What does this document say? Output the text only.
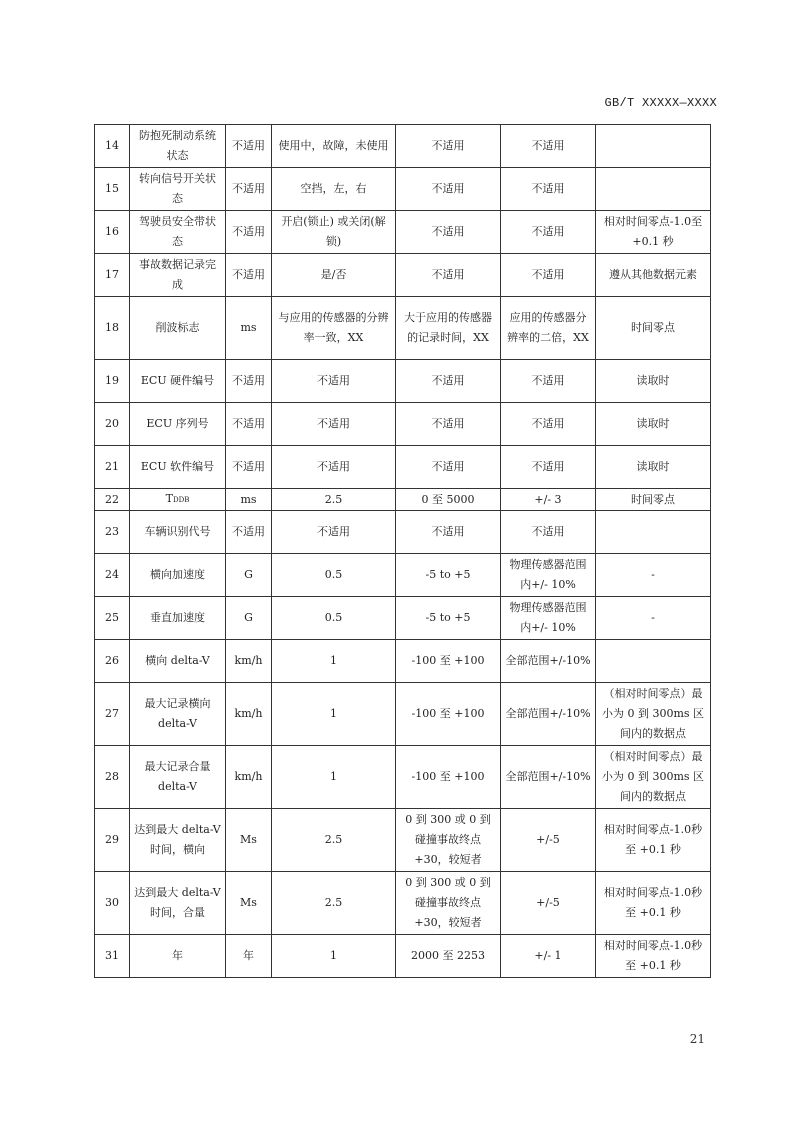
GB/T XXXXX—XXXX
14	防抱死制动系统状态	不适用	使用中，故障，未使用	不适用	不适用	
15	转向信号开关状态	不适用	空挡，左，右	不适用	不适用	
16	驾驶员安全带状态	不适用	开启(锁止) 或关闭(解锁)	不适用	不适用	相对时间零点-1.0至+0.1 秒
17	事故数据记录完成	不适用	是/否	不适用	不适用	遵从其他数据元素
18	削波标志	ms	与应用的传感器的分辨率一致，XX	大于应用的传感器的记录时间，XX	应用的传感器分辨率的二倍，XX	时间零点
19	ECU 硬件编号	不适用	不适用	不适用	不适用	读取时
20	ECU 序列号	不适用	不适用	不适用	不适用	读取时
21	ECU 软件编号	不适用	不适用	不适用	不适用	读取时
22	TDDB	ms	2.5	0 至 5000	+/- 3	时间零点
23	车辆识别代号	不适用	不适用	不适用	不适用	
24	横向加速度	G	0.5	-5 to +5	物理传感器范围内+/- 10%	-
25	垂直加速度	G	0.5	-5 to +5	物理传感器范围内+/- 10%	-
26	横向 delta-V	km/h	1	-100 至 +100	全部范围+/-10%	
27	最大记录横向 delta-V	km/h	1	-100 至 +100	全部范围+/-10%	（相对时间零点）最小为 0 到 300ms 区间内的数据点
28	最大记录合量 delta-V	km/h	1	-100 至 +100	全部范围+/-10%	（相对时间零点）最小为 0 到 300ms 区间内的数据点
29	达到最大 delta-V 时间，横向	Ms	2.5	0 到 300 或 0 到碰撞事故终点+30，较短者	+/-5	相对时间零点-1.0秒至 +0.1 秒
30	达到最大 delta-V 时间，合量	Ms	2.5	0 到 300 或 0 到碰撞事故终点+30，较短者	+/-5	相对时间零点-1.0秒至 +0.1 秒
31	年	年	1	2000 至 2253	+/- 1	相对时间零点-1.0秒至 +0.1 秒
21
